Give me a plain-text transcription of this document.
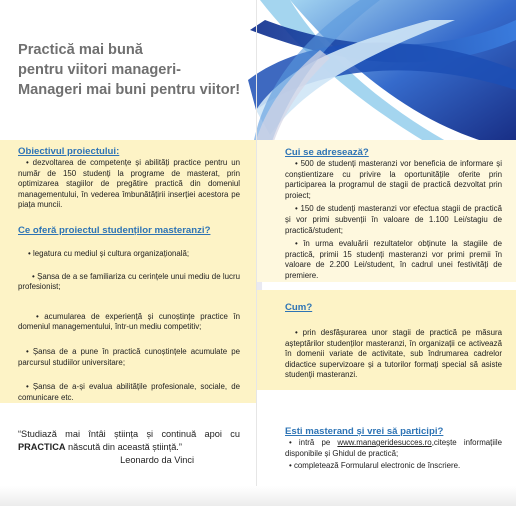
Practică mai bună
pentru viitori manageri-
Manageri mai buni pentru viitor!
Obiectivul proiectului:

• dezvoltarea de competențe și abilități practice pentru un număr de 150 studenți la programe de masterat, prin optimizarea stagiilor de pregătire practică din domeniul managementului, în vederea îmbunătățirii inserției acestora pe piața muncii.

Ce oferă proiectul studenților masteranzi?

• legatura cu mediul și cultura organizațională;

• Șansa de a se familiariza cu cerințele unui mediu de lucru profesionist;

• acumularea de experiență și cunoștințe practice în domeniul managementului, într-un mediu competitiv;

• Șansa de a pune în practică cunoștințele acumulate pe parcursul studiilor universitare;

• Șansa de a-și evalua abilitățile profesionale, sociale, de comunicare etc.

“Studiază mai întâi știința și continuă apoi cu PRACTICA născută din această știință.”
Leonardo da Vinci

Cui se adresează?

• 500 de studenți masteranzi vor beneficia de informare și conștientizare cu privire la oportunitățile oferite prin participarea la programul de stagii de practică dezvoltat prin proiect;

• 150 de studenți masteranzi vor efectua stagii de practică și vor primi subvenții în valoare de 1.100 Lei/stagiu de practică/student;

• în urma evaluării rezultatelor obținute la stagiile de practică, primii 15 studenți masteranzi vor primi premii în valoare de 2.200 Lei/student, în cadrul unei festivități de premiere.

Cum?

• prin desfășurarea unor stagii de practică pe măsura așteptărilor studenților masteranzi, în organizații ce activează în domenii variate de activitate, sub îndrumarea cadrelor didactice supervizoare și a tutorilor formați special să asiste studenții masteranzi.

Esti masterand și vrei să participi?

• intră pe www.manageridesucces.ro,citește informațiile disponibile și Ghidul de practică;

• completează Formularul electronic de înscriere.
